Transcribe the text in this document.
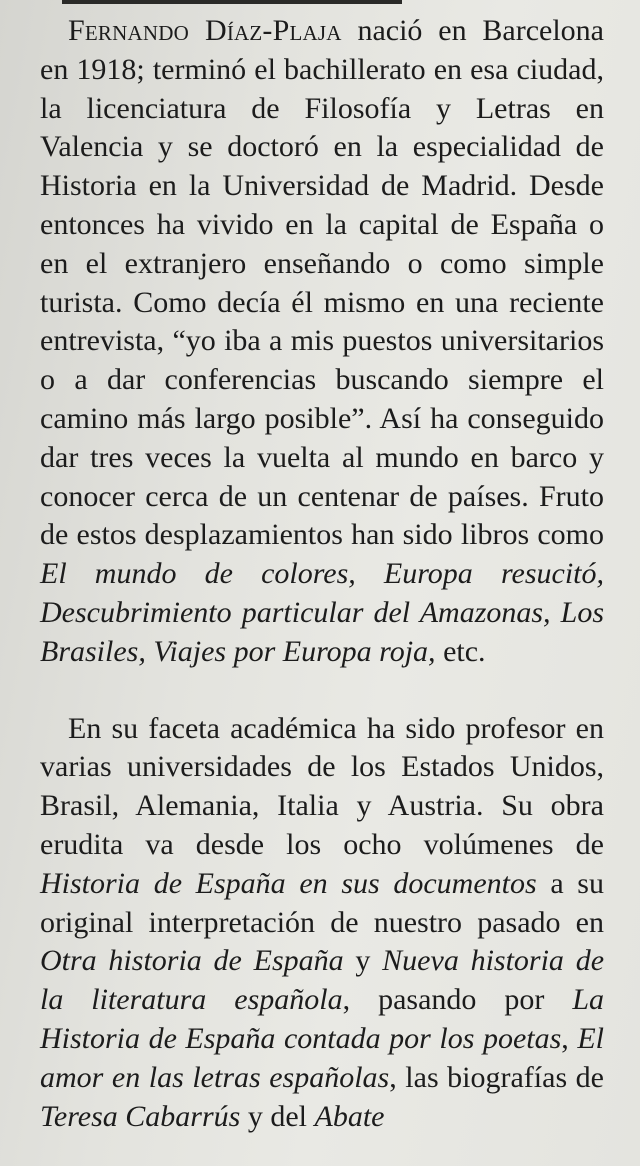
Fernando Díaz-Plaja nació en Barcelona en 1918; terminó el bachillerato en esa ciudad, la licenciatura de Filosofía y Letras en Valencia y se doctoró en la especialidad de Historia en la Universidad de Madrid. Desde entonces ha vivido en la capital de España o en el extranjero enseñando o como simple turista. Como decía él mismo en una reciente entrevista, “yo iba a mis puestos universitarios o a dar conferencias buscando siempre el camino más largo posible”. Así ha conseguido dar tres veces la vuelta al mundo en barco y conocer cerca de un centenar de países. Fruto de estos desplazamientos han sido libros como El mundo de colores, Europa resucitó, Descubrimiento particular del Amazonas, Los Brasiles, Viajes por Europa roja, etc.

En su faceta académica ha sido profesor en varias universidades de los Estados Unidos, Brasil, Alemania, Italia y Austria. Su obra erudita va desde los ocho volúmenes de Historia de España en sus documentos a su original interpretación de nuestro pasado en Otra historia de España y Nueva historia de la literatura española, pasando por La Historia de España contada por los poetas, El amor en las letras españolas, las biografías de Teresa Cabarrús y del Abate
